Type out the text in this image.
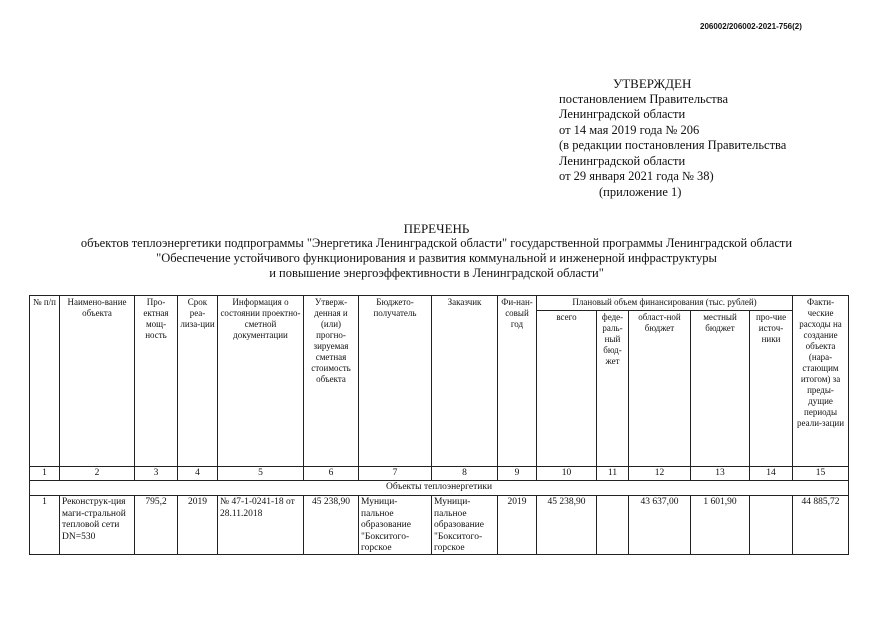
206002/206002-2021-756(2)
УТВЕРЖДЕН
постановлением Правительства
Ленинградской области
от 14 мая 2019 года № 206
(в редакции постановления Правительства
Ленинградской области
от 29 января 2021 года № 38)
(приложение 1)
ПЕРЕЧЕНЬ
объектов теплоэнергетики подпрограммы "Энергетика Ленинградской области" государственной программы Ленинградской области
"Обеспечение устойчивого функционирования и развития коммунальной и инженерной инфраструктуры
и повышение энергоэффективности в Ленинградской области"
№ п/п	Наимено-вание объекта	Про-ектная мощ-ность	Срок реа-лиза-ции	Информация о состоянии проектно-сметной документации	Утверж-денная и (или) прогно-зируемая сметная стоимость объекта	Бюджето-получатель	Заказчик	Фи-нан-совый год	Плановый объем финансирования (тыс. рублей)					Факти-ческие расходы на создание объекта (нара-стающим итогом) за преды-дущие периоды реали-зации
									всего	феде-раль-ный бюд-жет	област-ной бюджет	местный бюджет	про-чие источ-ники	
1	2	3	4	5	6	7	8	9	10	11	12	13	14	15
Объекты теплоэнергетики														
1	Реконструк-ция маги-стральной тепловой сети DN=530	795,2	2019	№ 47-1-0241-18 от 28.11.2018	45 238,90	Муници-пальное образование "Бокситого-горское	Муници-пальное образование "Бокситого-горское	2019	45 238,90		43 637,00	1 601,90		44 885,72
